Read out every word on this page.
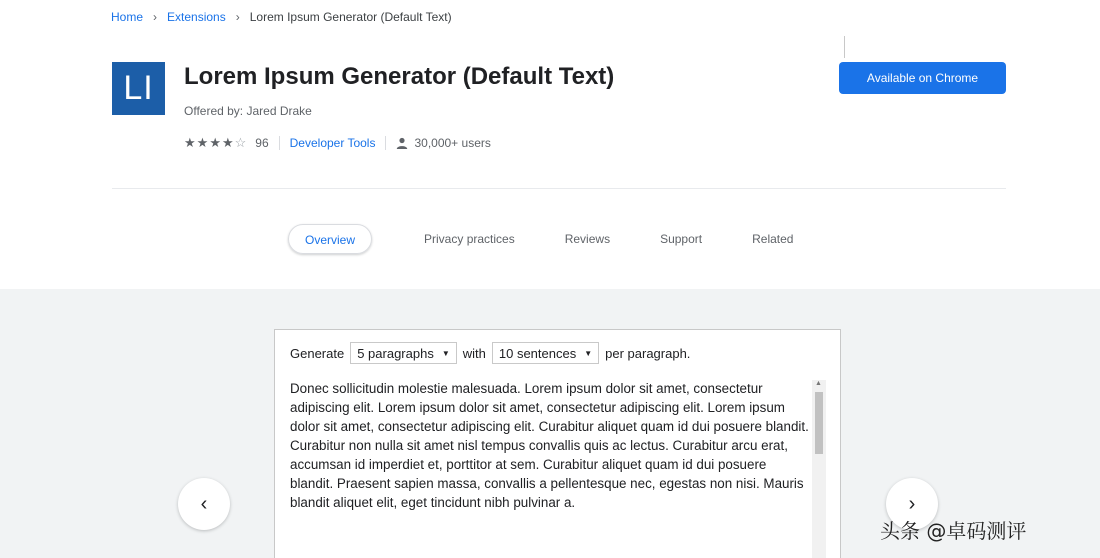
Home › Extensions › Lorem Ipsum Generator (Default Text)
LI	Lorem Ipsum Generator (Default Text)
Offered by: Jared Drake
★★★★☆ 96 Developer Tools	30,000+ users
Available on Chrome
Overview	Privacy practices	Reviews	Support	Related
Generate 5 paragraphs ▼ with 10 sentences ▼ per paragraph.

Donec sollicitudin molestie malesuada. Lorem ipsum dolor sit amet, consectetur adipiscing elit. Lorem ipsum dolor sit amet, consectetur adipiscing elit. Lorem ipsum dolor sit amet, consectetur adipiscing elit. Curabitur aliquet quam id dui posuere blandit. Curabitur non nulla sit amet nisl tempus convallis quis ac lectus. Curabitur arcu erat, accumsan id imperdiet et, porttitor at sem. Curabitur aliquet quam id dui posuere blandit. Praesent sapien massa, convallis a pellentesque nec, egestas non nisi. Mauris blandit aliquet elit, eget tincidunt nibh pulvinar a.

▲
‹	›
头条 @卓码测评
